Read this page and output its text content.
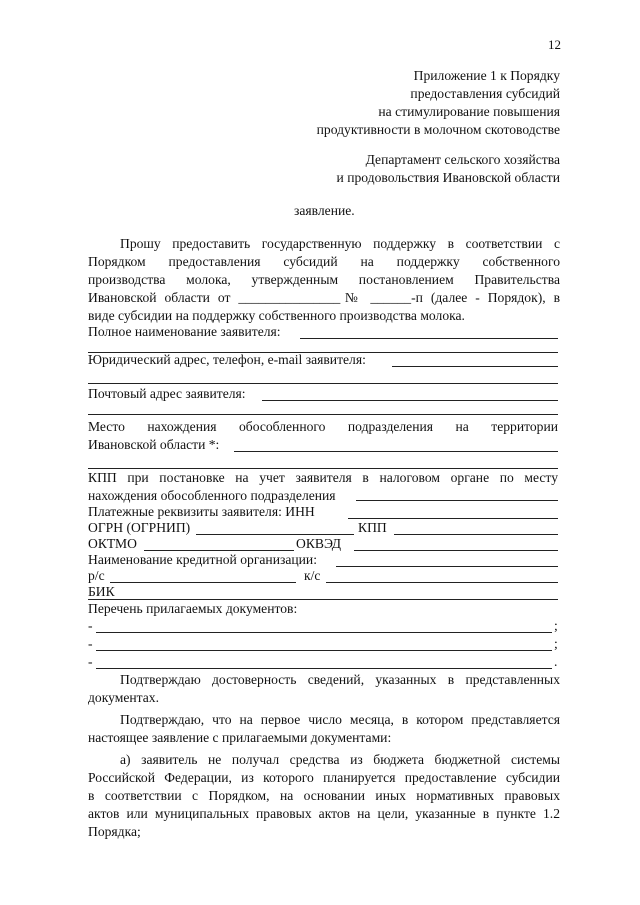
12
Приложение 1 к Порядку
предоставления субсидий
на стимулирование повышения
продуктивности в молочном скотоводстве
Департамент сельского хозяйства
и продовольствия Ивановской области
заявление.
Прошу предоставить государственную поддержку в соответствии с
Порядком предоставления субсидий на поддержку собственного
производства молока, утвержденным постановлением Правительства
Ивановской области от _______________№ ______-п (далее - Порядок), в
виде субсидии на поддержку собственного производства молока.
Полное наименование заявителя:
Юридический адрес, телефон, e-mail заявителя:
Почтовый адрес заявителя:
Место нахождения обособленного подразделения на территории
Ивановской области *:
КПП при постановке на учет заявителя в налоговом органе по месту
нахождения обособленного подразделения
Платежные реквизиты заявителя: ИНН
ОГРН (ОГРНИП)	КПП
ОКТМО	ОКВЭД
Наименование кредитной организации:
р/с	к/с
БИК
Перечень прилагаемых документов:
-	;
-	;
-	.
Подтверждаю достоверность сведений, указанных в представленных
документах.
Подтверждаю, что на первое число месяца, в котором представляется
настоящее заявление с прилагаемыми документами:
а) заявитель не получал средства из бюджета бюджетной системы
Российской Федерации, из которого планируется предоставление субсидии
в соответствии с Порядком, на основании иных нормативных правовых
актов или муниципальных правовых актов на цели, указанные в пункте 1.2
Порядка;
